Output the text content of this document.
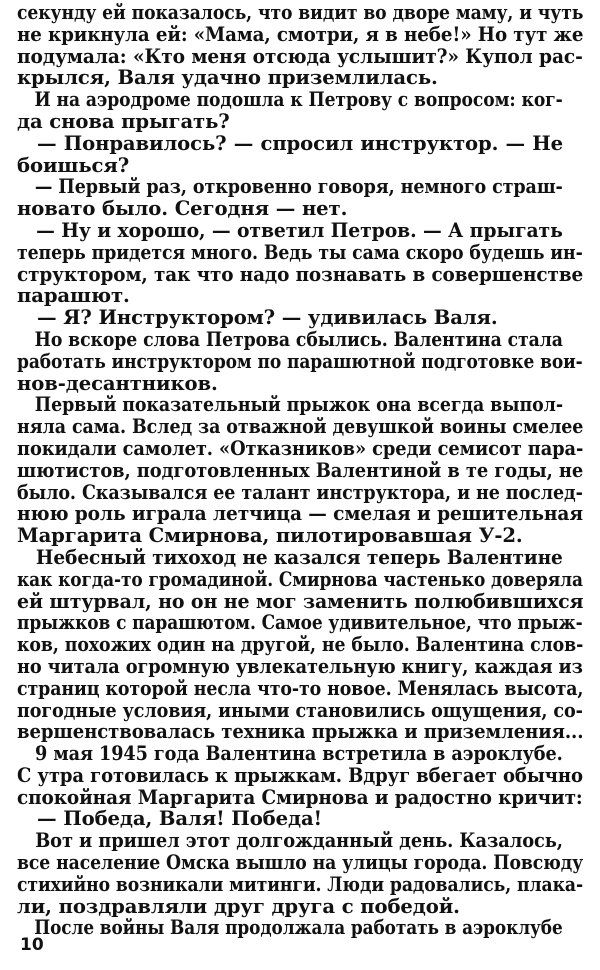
секунду ей показалось, что видит во дворе маму, и чуть
не крикнула ей: «Мама, смотри, я в небе!» Но тут же
подумала: «Кто меня отсюда услышит?» Купол рас-
крылся, Валя удачно приземлилась.

И на аэродроме подошла к Петрову с вопросом: ког-
да снова прыгать?

— Понравилось? — спросил инструктор. — Не
боишься?

— Первый раз, откровенно говоря, немного страш-
новато было. Сегодня — нет.

— Ну и хорошо, — ответил Петров. — А прыгать
теперь придется много. Ведь ты сама скоро будешь ин-
структором, так что надо познавать в совершенстве
парашют.

— Я? Инструктором? — удивилась Валя.

Но вскоре слова Петрова сбылись. Валентина стала
работать инструктором по парашютной подготовке вои-
нов-десантников.

Первый показательный прыжок она всегда выпол-
няла сама. Вслед за отважной девушкой воины смелее
покидали самолет. «Отказников» среди семисот пара-
шютистов, подготовленных Валентиной в те годы, не
было. Сказывался ее талант инструктора, и не послед-
нюю роль играла летчица — смелая и решительная
Маргарита Смирнова, пилотировавшая У-2.

Небесный тихоход не казался теперь Валентине
как когда-то громадиной. Смирнова частенько доверяла
ей штурвал, но он не мог заменить полюбившихся
прыжков с парашютом. Самое удивительное, что прыж-
ков, похожих один на другой, не было. Валентина слов-
но читала огромную увлекательную книгу, каждая из
страниц которой несла что-то новое. Менялась высота,
погодные условия, иными становились ощущения, со-
вершенствовалась техника прыжка и приземления...

9 мая 1945 года Валентина встретила в аэроклубе.
С утра готовилась к прыжкам. Вдруг вбегает обычно
спокойная Маргарита Смирнова и радостно кричит:

— Победа, Валя! Победа!

Вот и пришел этот долгожданный день. Казалось,
все население Омска вышло на улицы города. Повсюду
стихийно возникали митинги. Люди радовались, плака-
ли, поздравляли друг друга с победой.

После войны Валя продолжала работать в аэроклубе

10
